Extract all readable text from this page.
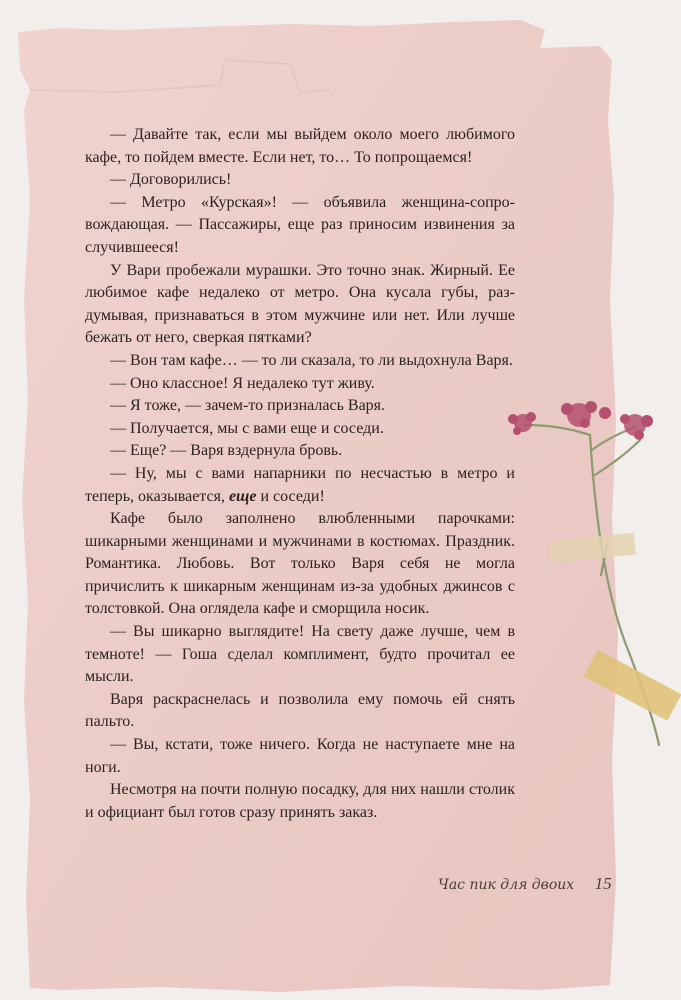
— Давайте так, если мы выйдем около моего любимого кафе, то пойдем вместе. Если нет, то… То попрощаемся!

— Договорились!

— Метро «Курская»! — объявила женщина-сопровождающая. — Пассажиры, еще раз приносим извинения за случившееся!

У Вари пробежали мурашки. Это точно знак. Жирный. Ее любимое кафе недалеко от метро. Она кусала губы, раздумывая, признаваться в этом мужчине или нет. Или лучше бежать от него, сверкая пятками?

— Вон там кафе… — то ли сказала, то ли выдохнула Варя.

— Оно классное! Я недалеко тут живу.

— Я тоже, — зачем-то призналась Варя.

— Получается, мы с вами еще и соседи.

— Еще? — Варя вздернула бровь.

— Ну, мы с вами напарники по несчастью в метро и теперь, оказывается, еще и соседи!

Кафе было заполнено влюбленными парочками: шикарными женщинами и мужчинами в костюмах. Праздник. Романтика. Любовь. Вот только Варя себя не могла причислить к шикарным женщинам из-за удобных джинсов с толстовкой. Она оглядела кафе и сморщила носик.

— Вы шикарно выглядите! На свету даже лучше, чем в темноте! — Гоша сделал комплимент, будто прочитал ее мысли.

Варя раскраснелась и позволила ему помочь ей снять пальто.

— Вы, кстати, тоже ничего. Когда не наступаете мне на ноги.

Несмотря на почти полную посадку, для них нашли столик и официант был готов сразу принять заказ.

Час пик для двоих 15
